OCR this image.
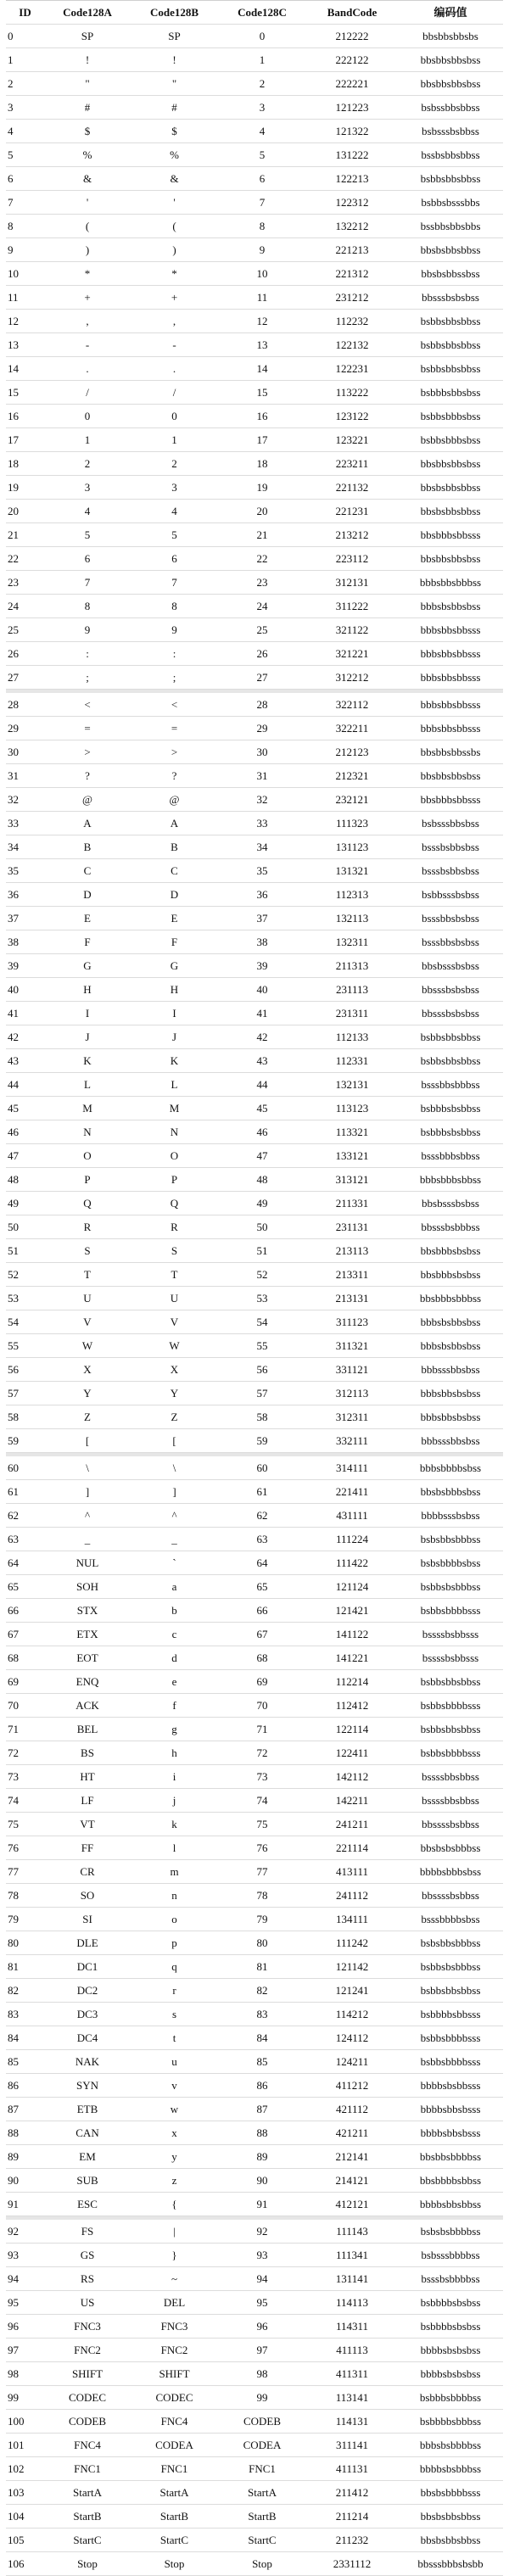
ID	Code128A	Code128B	Code128C	BandCode	编码值
0	SP	SP	0	212222	bbsbbsbbsbs
1	!	!	1	222122	bbsbbsbbsbss
2	"	"	2	222221	bbsbbsbbsbss
3	#	#	3	121223	bsbssbbsbbss
4	$	$	4	121322	bsbsssbsbbss
5	%	%	5	131222	bssbsbbsbbss
6	&	&	6	122213	bsbbsbbsbbss
7	'	'	7	122312	bsbbsbsssbbs
8	(	(	8	132212	bssbbsbbsbbs
9	)	)	9	221213	bbsbsbbsbbss
10	*	*	10	221312	bbsbsbbssbss
11	+	+	11	231212	bbsssbsbsbss
12	,	,	12	112232	bsbbsbbsbbss
13	-	-	13	122132	bsbbsbbsbbss
14	.	.	14	122231	bsbbsbbsbbss
15	/	/	15	113222	bsbbbsbbsbss
16	0	0	16	123122	bsbbsbbbsbss
17	1	1	17	123221	bsbbsbbbsbss
18	2	2	18	223211	bbsbbsbbsbss
19	3	3	19	221132	bbsbsbbsbbss
20	4	4	20	221231	bbsbsbbsbbss
21	5	5	21	213212	bbsbbbsbbsss
22	6	6	22	223112	bbsbbsbbsbss
23	7	7	23	312131	bbbsbbsbbbss
24	8	8	24	311222	bbbsbsbbsbss
25	9	9	25	321122	bbbsbbsbbsss
26	:	:	26	321221	bbbsbbsbbsss
27	;	;	27	312212	bbbsbbsbbsss
28	<	<	28	322112	bbbsbbsbbsss
29	=	=	29	322211	bbbsbbsbbsss
30	>	>	30	212123	bbsbbsbbssbs
31	?	?	31	212321	bbsbbsbbsbss
32	@	@	32	232121	bbsbbbsbbsss
33	A	A	33	111323	bsbsssbbsbss
34	B	B	34	131123	bsssbsbbsbss
35	C	C	35	131321	bsssbsbbsbss
36	D	D	36	112313	bsbbsssbsbss
37	E	E	37	132113	bsssbbsbsbss
38	F	F	38	132311	bsssbbsbsbss
39	G	G	39	211313	bbsbsssbsbss
40	H	H	40	231113	bbsssbsbsbss
41	I	I	41	231311	bbsssbsbsbss
42	J	J	42	112133	bsbbsbbsbbss
43	K	K	43	112331	bsbbsbbsbbss
44	L	L	44	132131	bsssbbsbbbss
45	M	M	45	113123	bsbbbsbsbbss
46	N	N	46	113321	bsbbbsbsbbss
47	O	O	47	133121	bsssbbbsbbss
48	P	P	48	313121	bbbsbbbsbbss
49	Q	Q	49	211331	bbsbsssbsbss
50	R	R	50	231131	bbsssbsbbbss
51	S	S	51	213113	bbsbbbsbsbss
52	T	T	52	213311	bbsbbbsbsbss
53	U	U	53	213131	bbsbbbsbbbss
54	V	V	54	311123	bbbsbsbbsbss
55	W	W	55	311321	bbbsbsbbsbss
56	X	X	56	331121	bbbsssbbsbss
57	Y	Y	57	312113	bbbsbbsbsbss
58	Z	Z	58	312311	bbbsbbsbsbss
59	[	[	59	332111	bbbsssbbsbss
60	\	\	60	314111	bbbsbbbbsbss
61	]	]	61	221411	bbsbsbbbsbss
62	^	^	62	431111	bbbbsssbsbss
63	_	_	63	111224	bsbsbbsbbbss
64	NUL	`	64	111422	bsbsbbbbsbss
65	SOH	a	65	121124	bsbbsbsbbbss
66	STX	b	66	121421	bsbbsbbbbsss
67	ETX	c	67	141122	bssssbsbbsss
68	EOT	d	68	141221	bssssbsbbsss
69	ENQ	e	69	112214	bsbbsbbsbbss
70	ACK	f	70	112412	bsbbsbbbbsss
71	BEL	g	71	122114	bsbbsbbsbbss
72	BS	h	72	122411	bsbbsbbbbsss
73	HT	i	73	142112	bssssbbsbbss
74	LF	j	74	142211	bssssbbsbbss
75	VT	k	75	241211	bbssssbsbbss
76	FF	l	76	221114	bbsbsbsbbbss
77	CR	m	77	413111	bbbbsbbbsbss
78	SO	n	78	241112	bbssssbsbbss
79	SI	o	79	134111	bsssbbbbsbss
80	DLE	p	80	111242	bsbsbbsbbbss
81	DC1	q	81	121142	bsbbsbsbbbss
82	DC2	r	82	121241	bsbbsbbsbbss
83	DC3	s	83	114212	bsbbbbsbbsss
84	DC4	t	84	124112	bsbbsbbbbsss
85	NAK	u	85	124211	bsbbsbbbbsss
86	SYN	v	86	411212	bbbbsbsbbsss
87	ETB	w	87	421112	bbbbsbbsbsss
88	CAN	x	88	421211	bbbbsbbsbsss
89	EM	y	89	212141	bbsbbsbbbbss
90	SUB	z	90	214121	bbsbbbbsbbss
91	ESC	{	91	412121	bbbbsbbsbbss
92	FS	|	92	111143	bsbsbsbbbbss
93	GS	}	93	111341	bsbsssbbbbss
94	RS	~	94	131141	bsssbsbbbbss
95	US	DEL	95	114113	bsbbbbsbsbss
96	FNC3	FNC3	96	114311	bsbbbbsbsbss
97	FNC2	FNC2	97	411113	bbbbsbsbsbss
98	SHIFT	SHIFT	98	411311	bbbbsbsbsbss
99	CODEC	CODEC	99	113141	bsbbbsbbbbss
100	CODEB	FNC4	CODEB	114131	bsbbbbsbbbss
101	FNC4	CODEA	CODEA	311141	bbbsbsbbbbss
102	FNC1	FNC1	FNC1	411131	bbbbsbsbbbss
103	StartA	StartA	StartA	211412	bbsbsbbbbsss
104	StartB	StartB	StartB	211214	bbsbsbbsbbss
105	StartC	StartC	StartC	211232	bbsbsbbsbbss
106	Stop	Stop	Stop	2331112	bbsssbbbsbsbb
